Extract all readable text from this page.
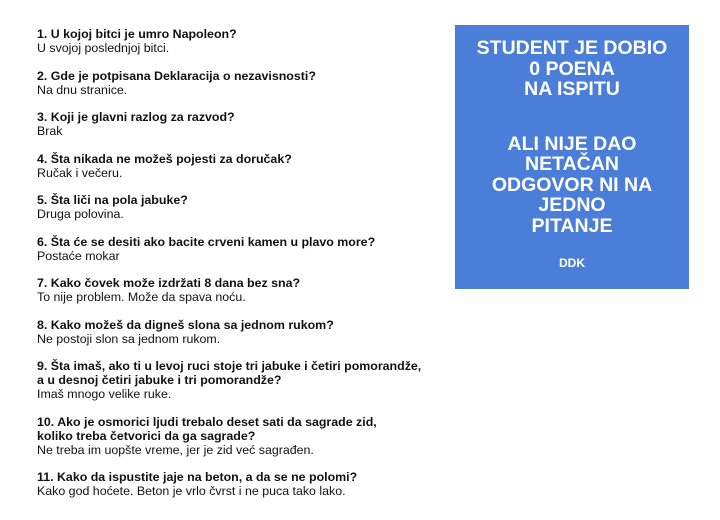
1. U kojoj bitci je umro Napoleon?
U svojoj poslednjoj bitci.
2. Gde je potpisana Deklaracija o nezavisnosti?
Na dnu stranice.
3. Koji je glavni razlog za razvod?
Brak
4. Šta nikada ne možeš pojesti za doručak?
Ručak i večeru.
5. Šta liči na pola jabuke?
Druga polovina.
6. Šta će se desiti ako bacite crveni kamen u plavo more?
Postaće mokar
7. Kako čovek može izdržati 8 dana bez sna?
To nije problem. Može da spava noću.
8. Kako možeš da digneš slona sa jednom rukom?
Ne postoji slon sa jednom rukom.
9. Šta imaš, ako ti u levoj ruci stoje tri jabuke i četiri pomorandže,
a u desnoj četiri jabuke i tri pomorandže?
Imaš mnogo velike ruke.
10. Ako je osmorici ljudi trebalo deset sati da sagrade zid,
koliko treba četvorici da ga sagrade?
Ne treba im uopšte vreme, jer je zid već sagrađen.
11. Kako da ispustite jaje na beton, a da se ne polomi?
Kako god hoćete. Beton je vrlo čvrst i ne puca tako lako.
STUDENT JE DOBIO
0 POENA
NA ISPITU
ALI NIJE DAO
NETAČAN
ODGOVOR NI NA
JEDNO
PITANJE
DDK
